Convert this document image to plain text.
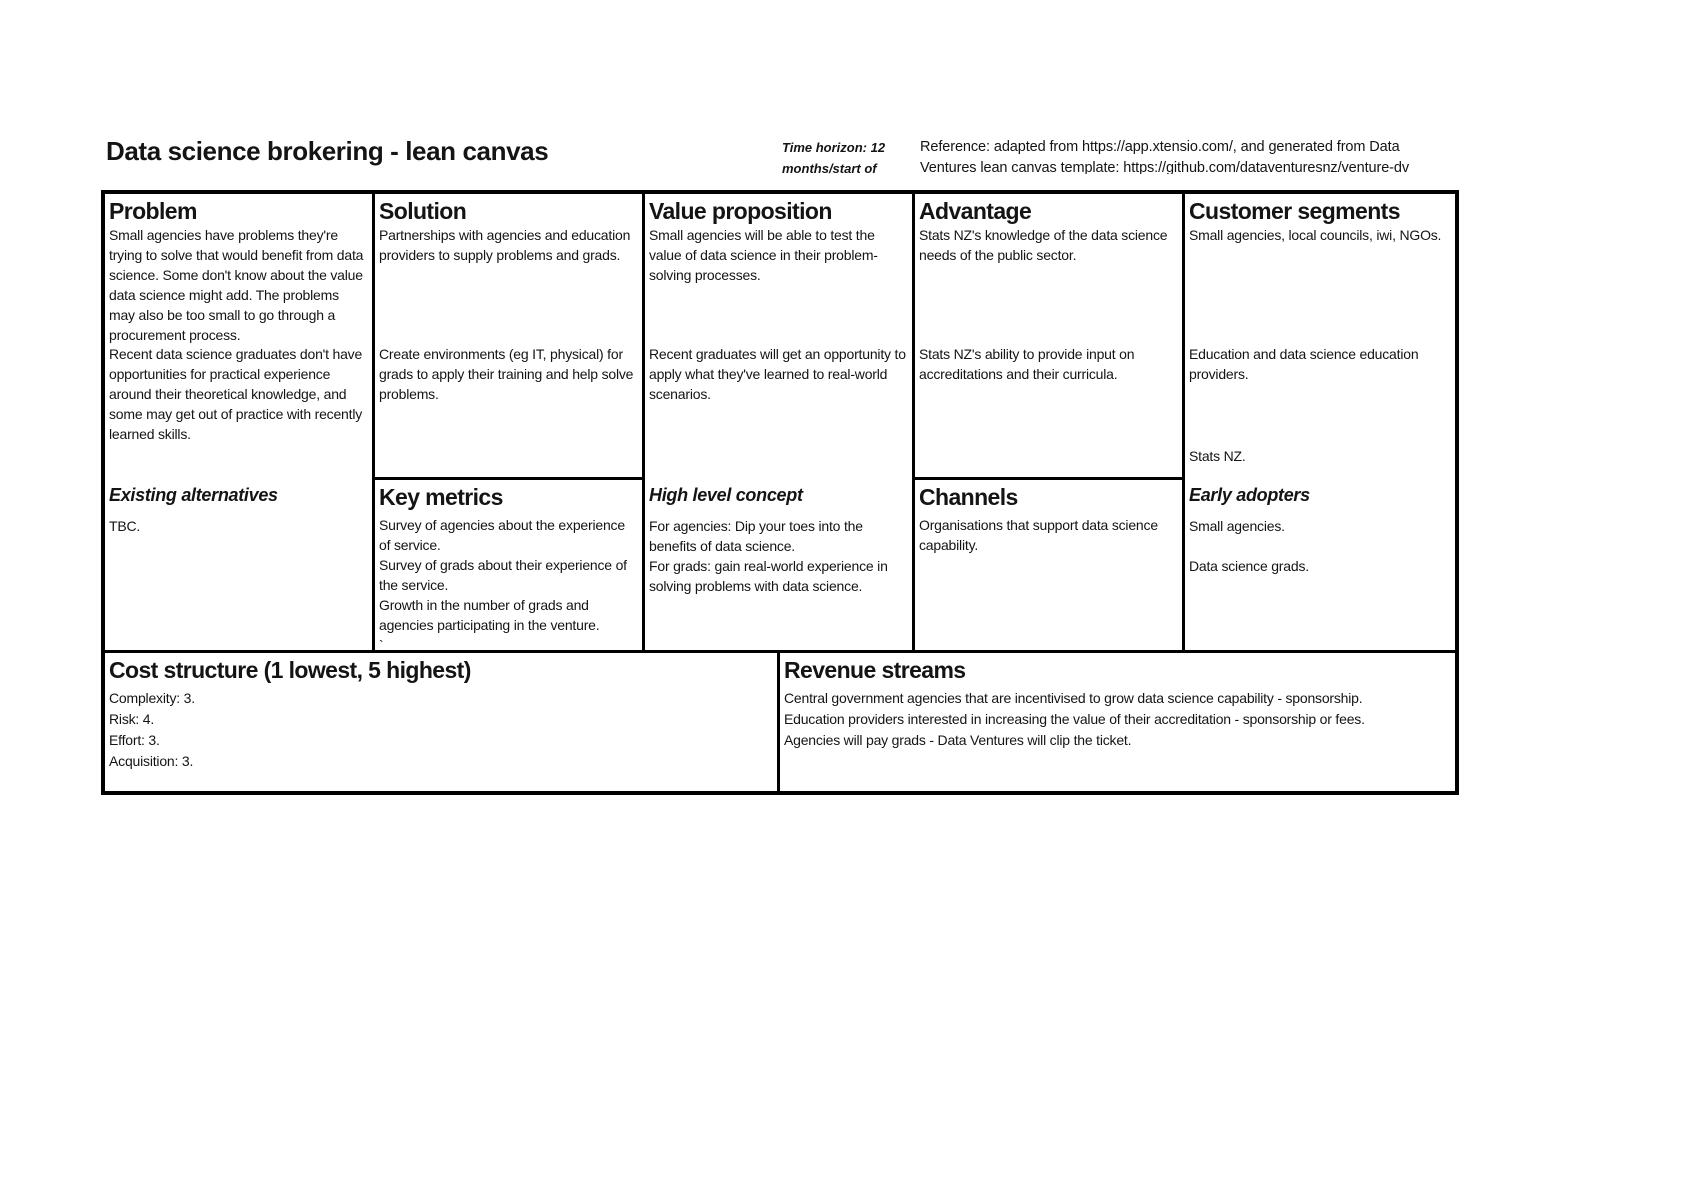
Data science brokering - lean canvas	Time horizon: 12 months/start of
Reference: adapted from https://app.xtensio.com/, and generated from Data Ventures lean canvas template: https://github.com/dataventuresnz/venture-dv
Problem
Small agencies have problems they're trying to solve that would benefit from data science. Some don't know about the value data science might add. The problems may also be too small to go through a procurement process.
Recent data science graduates don't have opportunities for practical experience around their theoretical knowledge, and some may get out of practice with recently learned skills.
Existing alternatives
TBC.
Solution
Partnerships with agencies and education providers to supply problems and grads.
Create environments (eg IT, physical) for grads to apply their training and help solve problems.
Key metrics
Survey of agencies about the experience of service.
Survey of grads about their experience of the service.
Growth in the number of grads and agencies participating in the venture.
`
Value proposition
Small agencies will be able to test the value of data science in their problem-solving processes.
Recent graduates will get an opportunity to apply what they've learned to real-world scenarios.
High level concept
For agencies: Dip your toes into the benefits of data science.
For grads: gain real-world experience in solving problems with data science.
Advantage
Stats NZ's knowledge of the data science needs of the public sector.
Stats NZ's ability to provide input on accreditations and their curricula.
Channels
Organisations that support data science capability.
Customer segments
Small agencies, local councils, iwi, NGOs.
Education and data science education providers.
Stats NZ.
Early adopters
Small agencies.
Data science grads.
Cost structure (1 lowest, 5 highest)
Complexity: 3.
Risk: 4.
Effort: 3.
Acquisition: 3.
Revenue streams
Central government agencies that are incentivised to grow data science capability - sponsorship.
Education providers interested in increasing the value of their accreditation - sponsorship or fees.
Agencies will pay grads - Data Ventures will clip the ticket.
